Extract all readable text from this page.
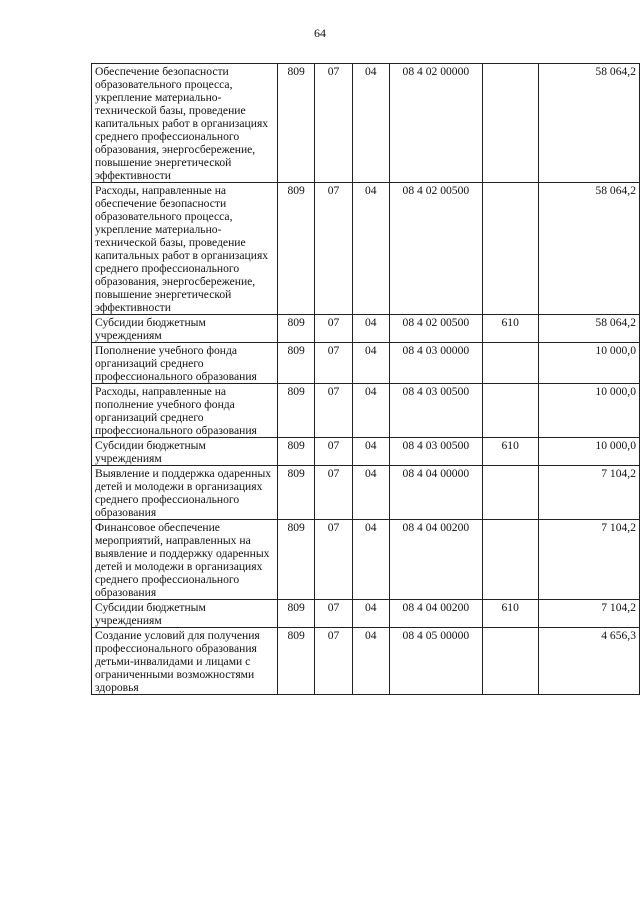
64
Обеспечение безопасности образовательного процесса, укрепление материально-технической базы, проведение капитальных работ в организациях среднего профессионального образования, энергосбережение, повышение энергетической эффективности	809	07	04	08 4 02 00000		58 064,2
Расходы, направленные на обеспечение безопасности образовательного процесса, укрепление материально-технической базы, проведение капитальных работ в организациях среднего профессионального образования, энергосбережение, повышение энергетической эффективности	809	07	04	08 4 02 00500		58 064,2
Субсидии бюджетным учреждениям	809	07	04	08 4 02 00500	610	58 064,2
Пополнение учебного фонда организаций среднего профессионального образования	809	07	04	08 4 03 00000		10 000,0
Расходы, направленные на пополнение учебного фонда организаций среднего профессионального образования	809	07	04	08 4 03 00500		10 000,0
Субсидии бюджетным учреждениям	809	07	04	08 4 03 00500	610	10 000,0
Выявление и поддержка одаренных детей и молодежи в организациях среднего профессионального образования	809	07	04	08 4 04 00000		7 104,2
Финансовое обеспечение мероприятий, направленных на выявление и поддержку одаренных детей и молодежи в организациях среднего профессионального образования	809	07	04	08 4 04 00200		7 104,2
Субсидии бюджетным учреждениям	809	07	04	08 4 04 00200	610	7 104,2
Создание условий для получения профессионального образования детьми-инвалидами и лицами с ограниченными возможностями здоровья	809	07	04	08 4 05 00000		4 656,3
